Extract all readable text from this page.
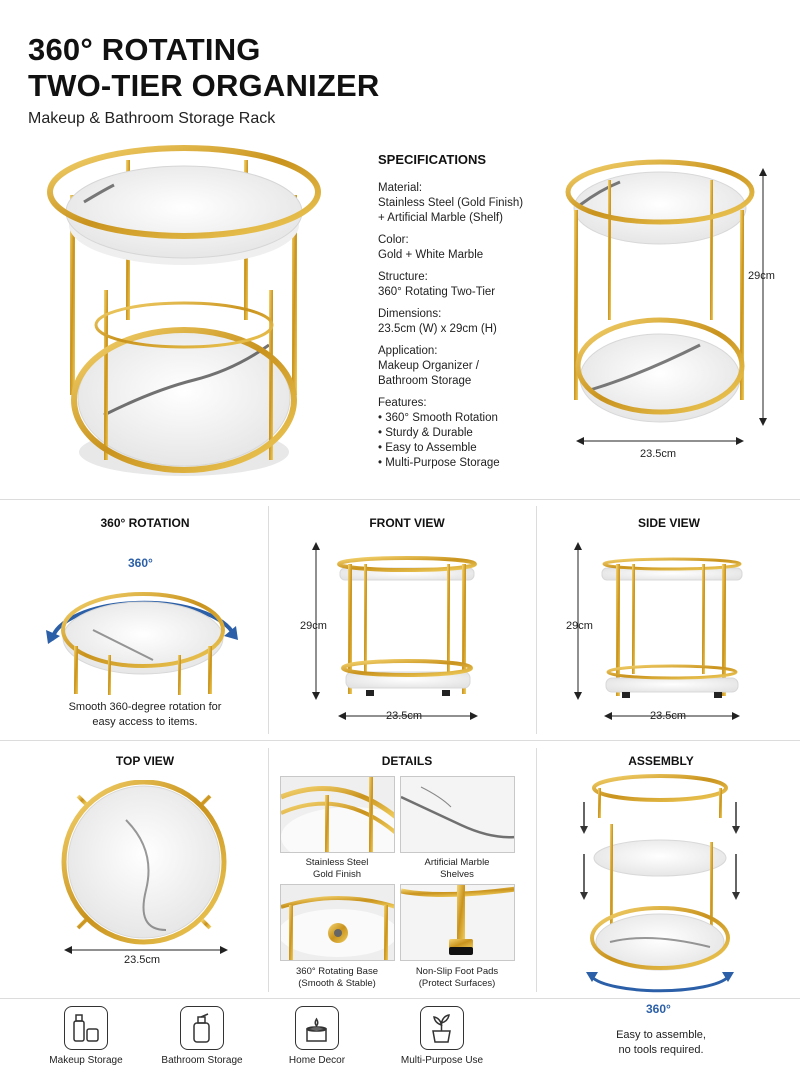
360° ROTATING
TWO-TIER ORGANIZER
Makeup & Bathroom Storage Rack
SPECIFICATIONS
Material:
Stainless Steel (Gold Finish)
+ Artificial Marble (Shelf)
Color:
Gold + White Marble
Structure:
360° Rotating Two-Tier
Dimensions:
23.5cm (W) x 29cm (H)
Application:
Makeup Organizer /
Bathroom Storage
Features:
• 360° Smooth Rotation
• Sturdy & Durable
• Easy to Assemble
• Multi-Purpose Storage
29cm
23.5cm
360° ROTATION
360°
Smooth 360-degree rotation for
easy access to items.
FRONT VIEW
29cm
23.5cm
SIDE VIEW
29cm
23.5cm
TOP VIEW
23.5cm
DETAILS
Stainless Steel
Gold Finish
Artificial Marble
Shelves
360° Rotating Base
(Smooth & Stable)
Non-Slip Foot Pads
(Protect Surfaces)
ASSEMBLY
360°
Easy to assemble,
no tools required.
Makeup Storage	Bathroom Storage	Home Decor	Multi-Purpose Use
